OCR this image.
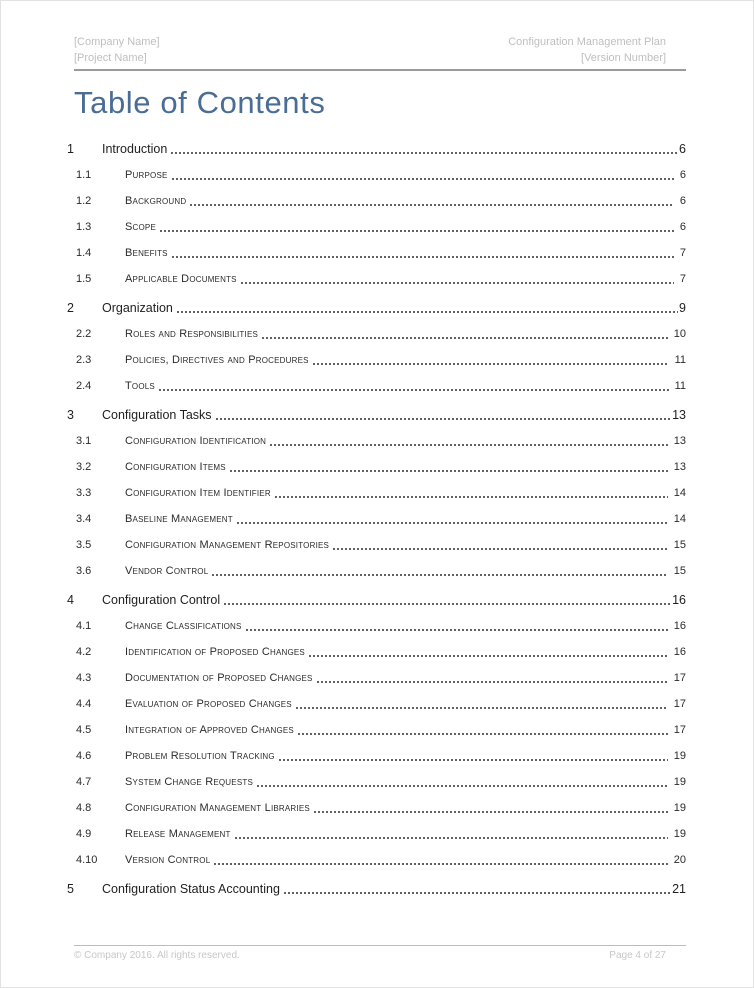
[Company Name]
[Project Name]
Configuration Management Plan
[Version Number]
Table of Contents
1	Introduction	6
1.1	Purpose	6
1.2	Background	6
1.3	Scope	6
1.4	Benefits	7
1.5	Applicable Documents	7
2	Organization	9
2.2	Roles and Responsibilities	10
2.3	Policies, Directives and Procedures	11
2.4	Tools	11
3	Configuration Tasks	13
3.1	Configuration Identification	13
3.2	Configuration Items	13
3.3	Configuration Item Identifier	14
3.4	Baseline Management	14
3.5	Configuration Management Repositories	15
3.6	Vendor Control	15
4	Configuration Control	16
4.1	Change Classifications	16
4.2	Identification of Proposed Changes	16
4.3	Documentation of Proposed Changes	17
4.4	Evaluation of Proposed Changes	17
4.5	Integration of Approved Changes	17
4.6	Problem Resolution Tracking	19
4.7	System Change Requests	19
4.8	Configuration Management Libraries	19
4.9	Release Management	19
4.10	Version Control	20
5	Configuration Status Accounting	21
© Company 2016. All rights reserved.	Page 4 of 27
